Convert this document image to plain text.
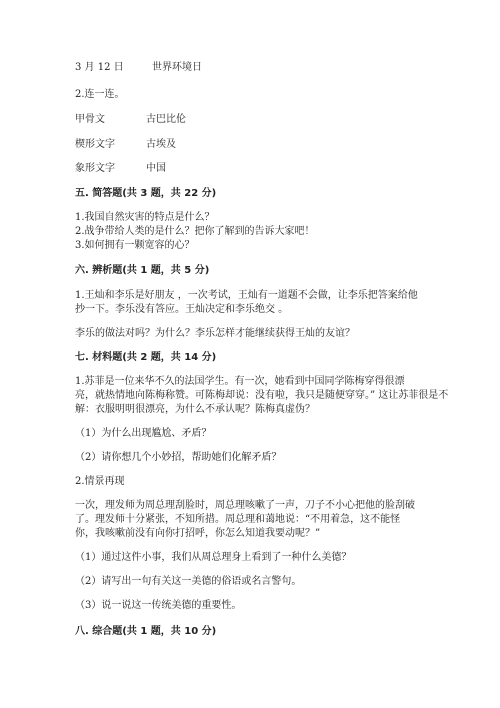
3 月 12 日	世界环境日
2.连一连。
甲骨文	古巴比伦
楔形文字	古埃及
象形文字	中国
五. 简答题(共 3 题，共 22 分)
1.我国自然灾害的特点是什么？
2.战争带给人类的是什么？把你了解到的告诉大家吧！
3.如何拥有一颗宽容的心？
六. 辨析题(共 1 题，共 5 分)
1.王灿和李乐是好朋友 ，一次考试，王灿有一道题不会做，让李乐把答案给他
抄一下。李乐没有答应。王灿决定和李乐绝交 。
李乐的做法对吗？为什么？李乐怎样才能继续获得王灿的友谊？
七. 材料题(共 2 题，共 14 分)
1.苏菲是一位来华不久的法国学生。有一次，她看到中国同学陈梅穿得很漂
亮，就热情地向陈梅称赞。可陈梅却说：没有啦，我只是随便穿穿。” 这让苏菲很是不
解：衣服明明很漂亮，为什么不承认呢？陈梅真虚伪？
（1）为什么出现尴尬、矛盾？
（2）请你想几个小妙招，帮助她们化解矛盾？
2.情景再现
一次，理发师为周总理刮脸时，周总理咳嗽了一声，刀子不小心把他的脸刮破
了。理发师十分紧张，不知所措。周总理和蔼地说：“不用着急，这不能怪
你，我咳嗽前没有向你打招呼，你怎么知道我要动呢？”
（1）通过这件小事，我们从周总理身上看到了一种什么美德？
（2）请写出一句有关这一美德的俗语或名言警句。
（3）说一说这一传统美德的重要性。
八. 综合题(共 1 题，共 10 分)
